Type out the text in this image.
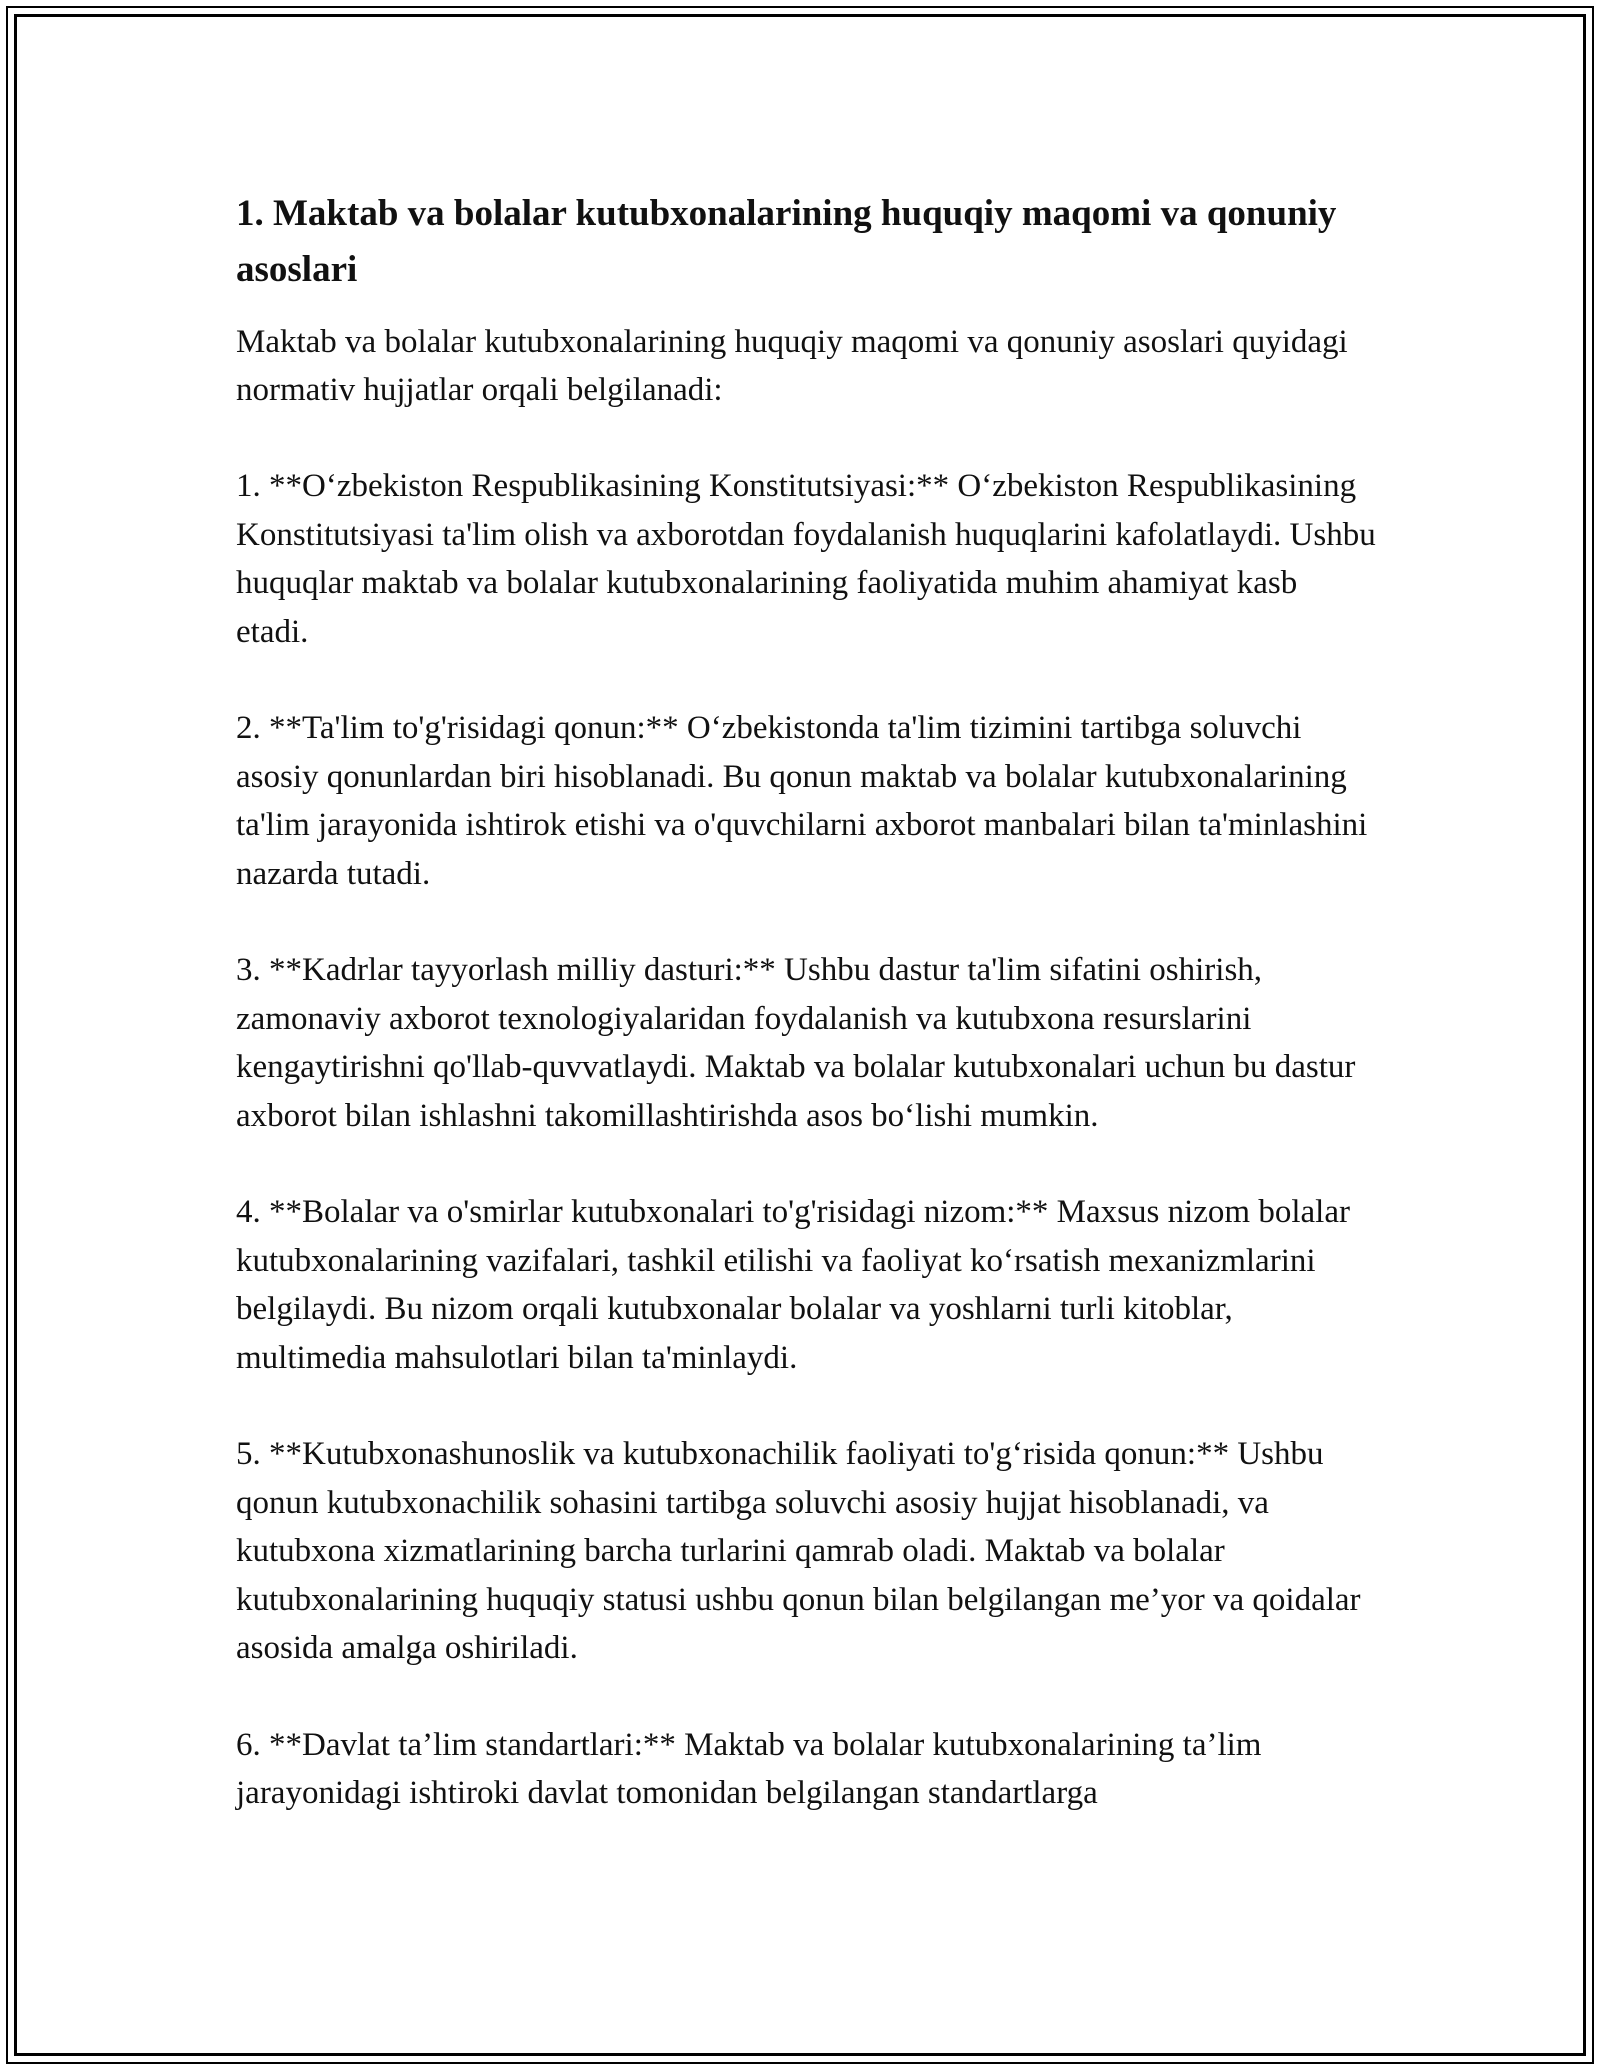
1. Maktab va bolalar kutubxonalarining huquqiy maqomi va qonuniy asoslari

Maktab va bolalar kutubxonalarining huquqiy maqomi va qonuniy asoslari quyidagi normativ hujjatlar orqali belgilanadi:

1. **O‘zbekiston Respublikasining Konstitutsiyasi:** O‘zbekiston Respublikasining Konstitutsiyasi ta'lim olish va axborotdan foydalanish huquqlarini kafolatlaydi. Ushbu huquqlar maktab va bolalar kutubxonalarining faoliyatida muhim ahamiyat kasb etadi.

2. **Ta'lim to'g'risidagi qonun:** O‘zbekistonda ta'lim tizimini tartibga soluvchi asosiy qonunlardan biri hisoblanadi. Bu qonun maktab va bolalar kutubxonalarining ta'lim jarayonida ishtirok etishi va o'quvchilarni axborot manbalari bilan ta'minlashini nazarda tutadi.

3. **Kadrlar tayyorlash milliy dasturi:** Ushbu dastur ta'lim sifatini oshirish, zamonaviy axborot texnologiyalaridan foydalanish va kutubxona resurslarini kengaytirishni qo'llab-quvvatlaydi. Maktab va bolalar kutubxonalari uchun bu dastur axborot bilan ishlashni takomillashtirishda asos bo‘lishi mumkin.

4. **Bolalar va o'smirlar kutubxonalari to'g'risidagi nizom:** Maxsus nizom bolalar kutubxonalarining vazifalari, tashkil etilishi va faoliyat ko‘rsatish mexanizmlarini belgilaydi. Bu nizom orqali kutubxonalar bolalar va yoshlarni turli kitoblar, multimedia mahsulotlari bilan ta'minlaydi.

5. **Kutubxonashunoslik va kutubxonachilik faoliyati to'g‘risida qonun:** Ushbu qonun kutubxonachilik sohasini tartibga soluvchi asosiy hujjat hisoblanadi, va kutubxona xizmatlarining barcha turlarini qamrab oladi. Maktab va bolalar kutubxonalarining huquqiy statusi ushbu qonun bilan belgilangan me’yor va qoidalar asosida amalga oshiriladi.

6. **Davlat ta’lim standartlari:** Maktab va bolalar kutubxonalarining ta’lim jarayonidagi ishtiroki davlat tomonidan belgilangan standartlarga
